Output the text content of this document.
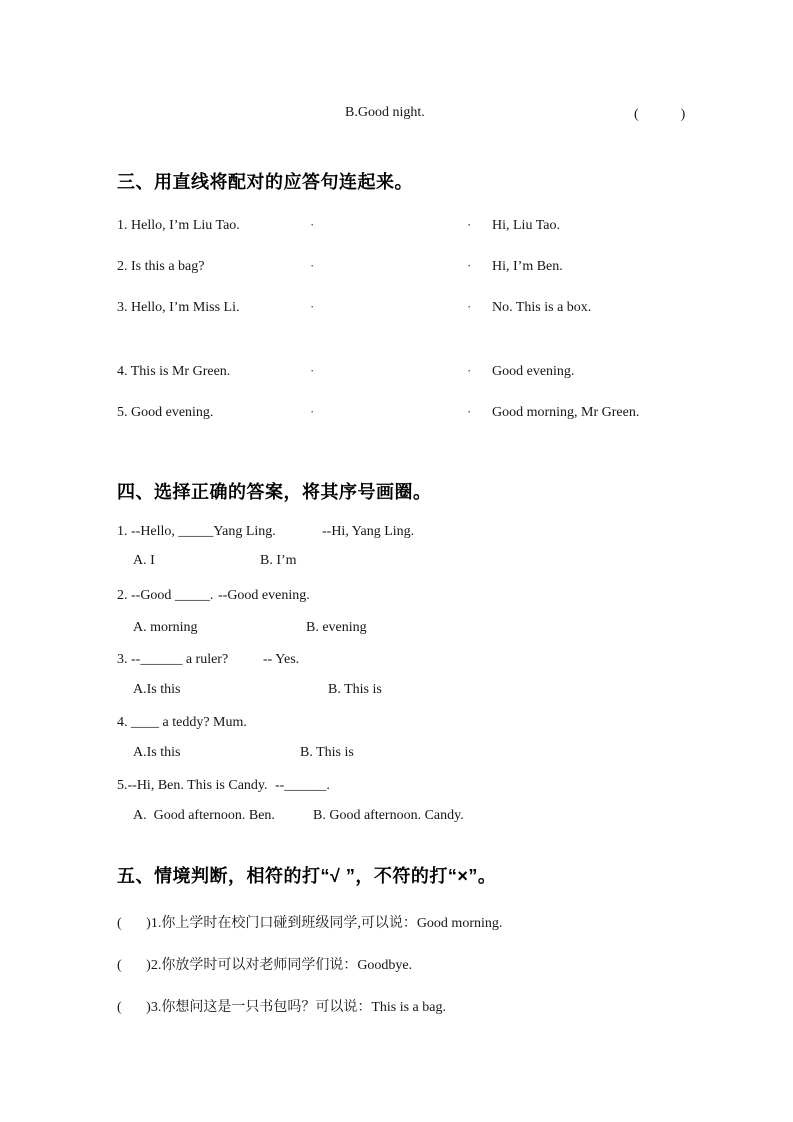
B.Good night.	(            )
三、用直线将配对的应答句连起来。
1. Hello, I’m Liu Tao.	·	· Hi, Liu Tao.
2. Is this a bag?	·	· Hi, I’m Ben.
3. Hello, I’m Miss Li.	·	· No. This is a box.
4. This is Mr Green.	·	· Good evening.
5. Good evening.	·	· Good morning, Mr Green.
四、选择正确的答案，将其序号画圈。
1. --Hello, _____Yang Ling.	--Hi, Yang Ling.
A. I	B. I’m
2. --Good _____. --Good evening.
A. morning	B. evening
3. --______ a ruler? -- Yes.
A.Is this	B. This is
4. ____ a teddy? Mum.
A.Is this	B. This is
5.--Hi, Ben. This is Candy. --______.
A.  Good afternoon. Ben.	B. Good afternoon. Candy.
五、情境判断，相符的打“√ ”，不符的打“×”。
(       )1.你上学时在校门口碰到班级同学,可以说：Good morning.
(       )2.你放学时可以对老师同学们说：Goodbye.
(       )3.你想问这是一只书包吗？可以说：This is a bag.
